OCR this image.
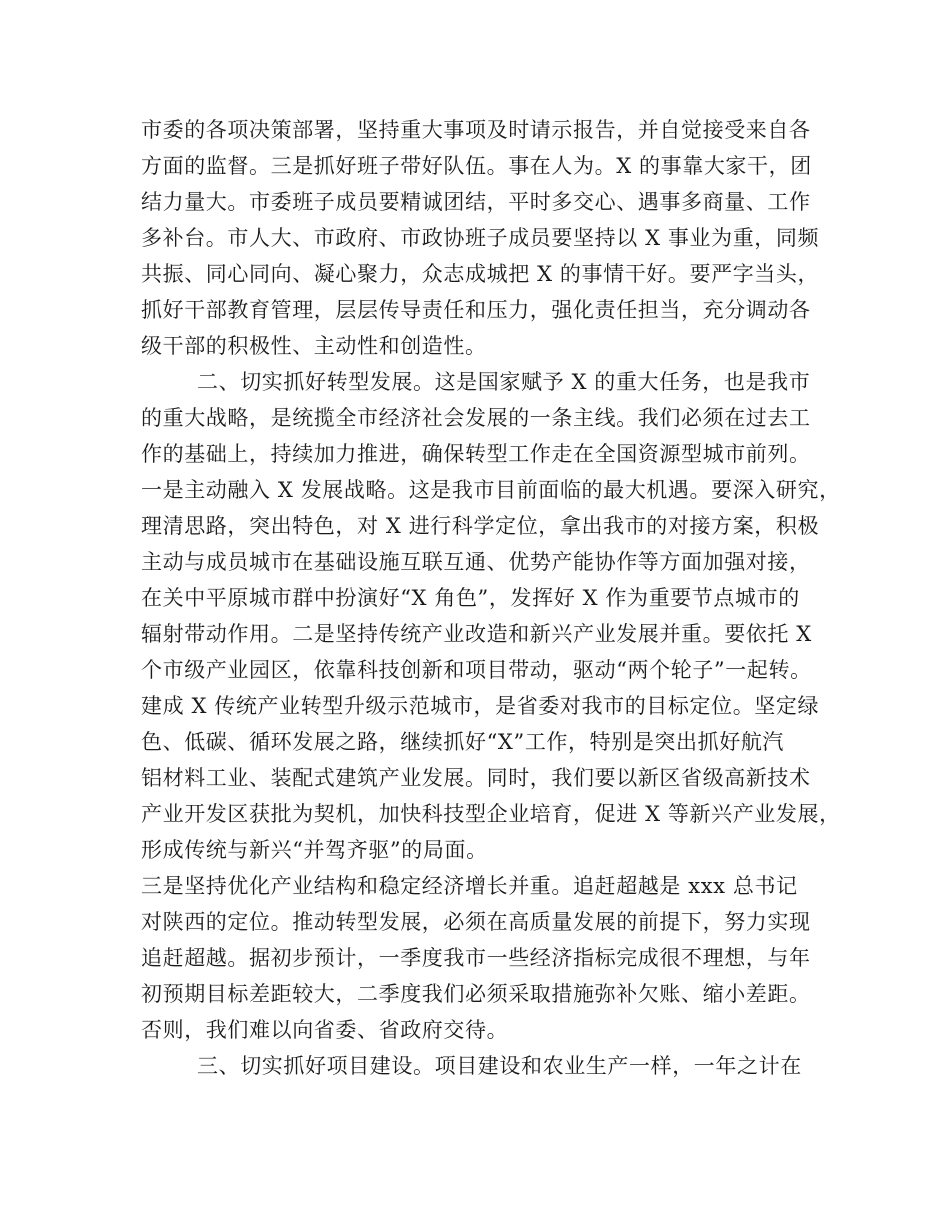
市委的各项决策部署，坚持重大事项及时请示报告，并自觉接受来自各
方面的监督。三是抓好班子带好队伍。事在人为。X 的事靠大家干，团
结力量大。市委班子成员要精诚团结，平时多交心、遇事多商量、工作
多补台。市人大、市政府、市政协班子成员要坚持以 X 事业为重，同频
共振、同心同向、凝心聚力，众志成城把 X 的事情干好。要严字当头，
抓好干部教育管理，层层传导责任和压力，强化责任担当，充分调动各
级干部的积极性、主动性和创造性。
二、切实抓好转型发展。这是国家赋予 X 的重大任务，也是我市
的重大战略，是统揽全市经济社会发展的一条主线。我们必须在过去工
作的基础上，持续加力推进，确保转型工作走在全国资源型城市前列。
一是主动融入 X 发展战略。这是我市目前面临的最大机遇。要深入研究，
理清思路，突出特色，对 X 进行科学定位，拿出我市的对接方案，积极
主动与成员城市在基础设施互联互通、优势产能协作等方面加强对接，
在关中平原城市群中扮演好“X 角色”，发挥好 X 作为重要节点城市的
辐射带动作用。二是坚持传统产业改造和新兴产业发展并重。要依托 X
个市级产业园区，依靠科技创新和项目带动，驱动“两个轮子”一起转。
建成 X 传统产业转型升级示范城市，是省委对我市的目标定位。坚定绿
色、低碳、循环发展之路，继续抓好“X”工作，特别是突出抓好航汽
铝材料工业、装配式建筑产业发展。同时，我们要以新区省级高新技术
产业开发区获批为契机，加快科技型企业培育，促进 X 等新兴产业发展，
形成传统与新兴“并驾齐驱”的局面。
三是坚持优化产业结构和稳定经济增长并重。追赶超越是 xxx 总书记
对陕西的定位。推动转型发展，必须在高质量发展的前提下，努力实现
追赶超越。据初步预计，一季度我市一些经济指标完成很不理想，与年
初预期目标差距较大，二季度我们必须采取措施弥补欠账、缩小差距。
否则，我们难以向省委、省政府交待。
三、切实抓好项目建设。项目建设和农业生产一样，一年之计在
